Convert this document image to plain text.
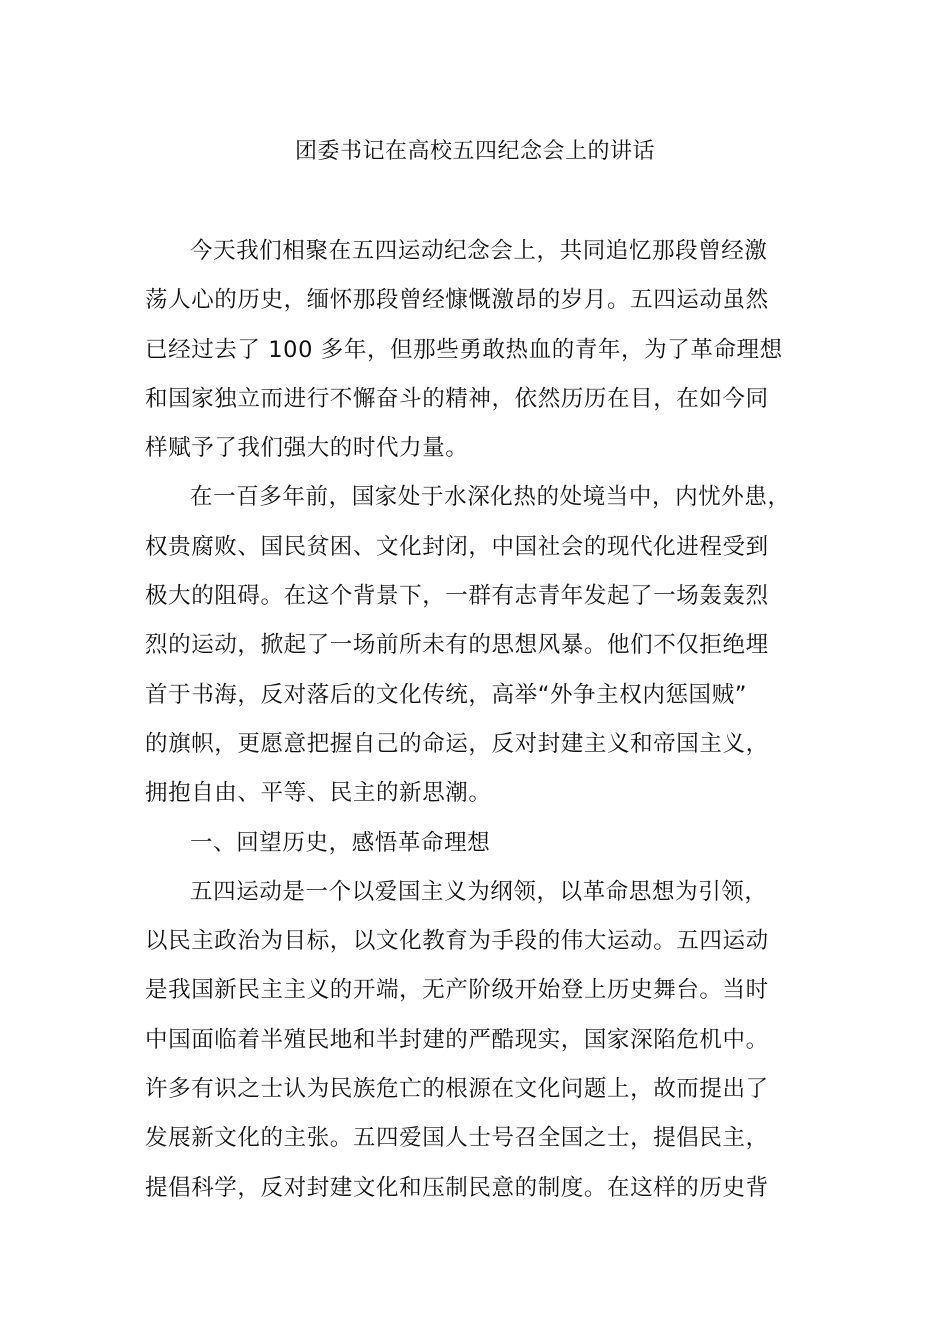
团委书记在高校五四纪念会上的讲话
今天我们相聚在五四运动纪念会上，共同追忆那段曾经激
荡人心的历史，缅怀那段曾经慷慨激昂的岁月。五四运动虽然
已经过去了 100 多年，但那些勇敢热血的青年，为了革命理想
和国家独立而进行不懈奋斗的精神，依然历历在目，在如今同
样赋予了我们强大的时代力量。
在一百多年前，国家处于水深化热的处境当中，内忧外患，
权贵腐败、国民贫困、文化封闭，中国社会的现代化进程受到
极大的阻碍。在这个背景下，一群有志青年发起了一场轰轰烈
烈的运动，掀起了一场前所未有的思想风暴。他们不仅拒绝埋
首于书海，反对落后的文化传统，高举“外争主权内惩国贼”
的旗帜，更愿意把握自己的命运，反对封建主义和帝国主义，
拥抱自由、平等、民主的新思潮。
一、回望历史，感悟革命理想
五四运动是一个以爱国主义为纲领，以革命思想为引领，
以民主政治为目标，以文化教育为手段的伟大运动。五四运动
是我国新民主主义的开端，无产阶级开始登上历史舞台。当时
中国面临着半殖民地和半封建的严酷现实，国家深陷危机中。
许多有识之士认为民族危亡的根源在文化问题上，故而提出了
发展新文化的主张。五四爱国人士号召全国之士，提倡民主，
提倡科学，反对封建文化和压制民意的制度。在这样的历史背
